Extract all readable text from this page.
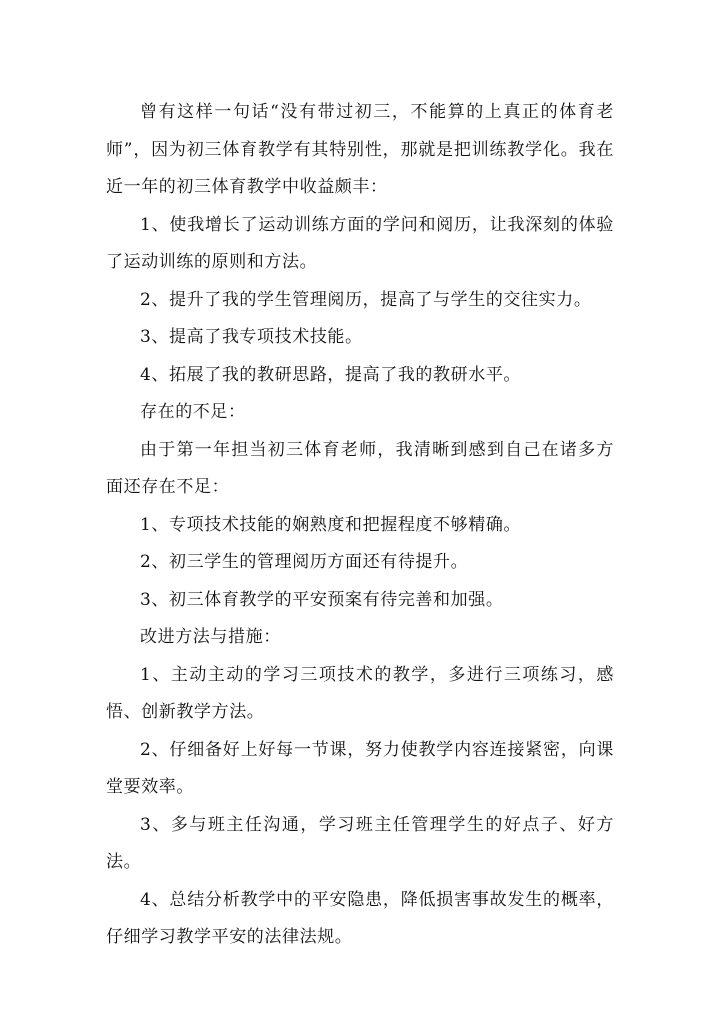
曾有这样一句话“没有带过初三，不能算的上真正的体育老师”，因为初三体育教学有其特别性，那就是把训练教学化。我在近一年的初三体育教学中收益颇丰：

1、使我增长了运动训练方面的学问和阅历，让我深刻的体验了运动训练的原则和方法。

2、提升了我的学生管理阅历，提高了与学生的交往实力。

3、提高了我专项技术技能。

4、拓展了我的教研思路，提高了我的教研水平。

存在的不足：

由于第一年担当初三体育老师，我清晰到感到自己在诸多方面还存在不足：

1、专项技术技能的娴熟度和把握程度不够精确。

2、初三学生的管理阅历方面还有待提升。

3、初三体育教学的平安预案有待完善和加强。

改进方法与措施：

1、主动主动的学习三项技术的教学，多进行三项练习，感悟、创新教学方法。

2、仔细备好上好每一节课，努力使教学内容连接紧密，向课堂要效率。

3、多与班主任沟通，学习班主任管理学生的好点子、好方法。

4、总结分析教学中的平安隐患，降低损害事故发生的概率，仔细学习教学平安的法律法规。
